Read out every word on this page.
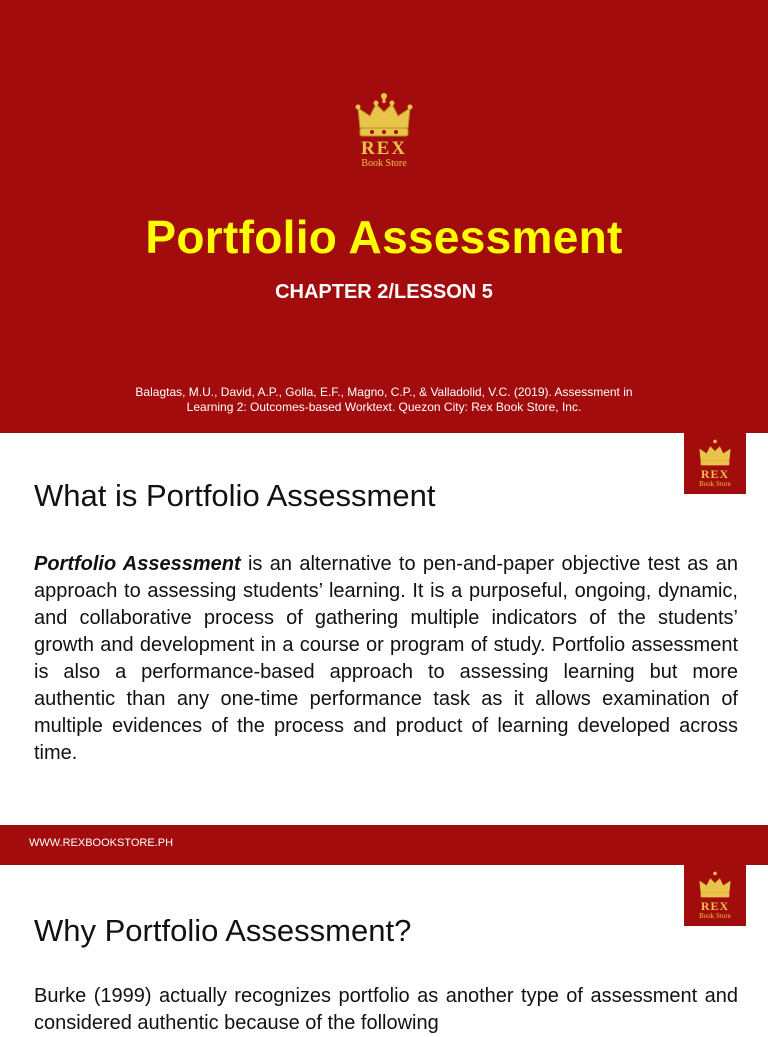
REX
Book Store
Portfolio Assessment
CHAPTER 2/LESSON 5
Balagtas, M.U., David, A.P., Golla, E.F., Magno, C.P., & Valladolid, V.C. (2019). Assessment in
Learning 2: Outcomes-based Worktext. Quezon City: Rex Book Store, Inc.
REX
Book Store
What is Portfolio Assessment

Portfolio Assessment is an alternative to pen-and-paper objective test as an approach to assessing students’ learning. It is a purposeful, ongoing, dynamic, and collaborative process of gathering multiple indicators of the students’ growth and development in a course or program of study. Portfolio assessment is also a performance-based approach to assessing learning but more authentic than any one-time performance task as it allows examination of multiple evidences of the process and product of learning developed across time.

WWW.REXBOOKSTORE.PH
REX
Book Store
Why Portfolio Assessment?

Burke (1999) actually recognizes portfolio as another type of assessment and considered authentic because of the following
